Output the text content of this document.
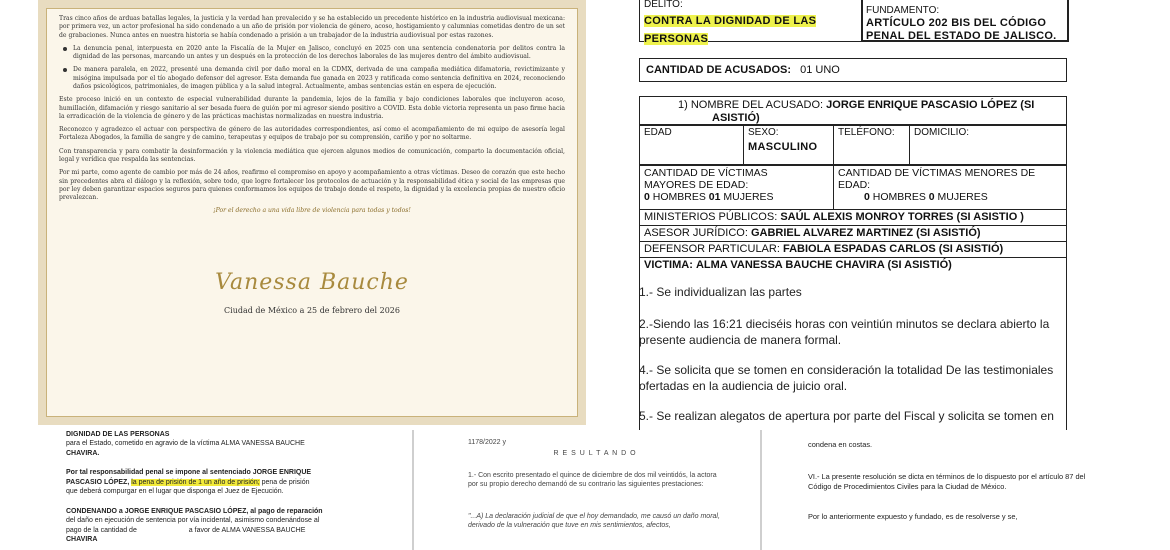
Tras cinco años de arduas batallas legales, la justicia y la verdad han prevalecido y se ha establecido un precedente histórico en la industria audiovisual mexicana: por primera vez, un actor profesional ha sido condenado a un año de prisión por violencia de género, acoso, hostigamiento y calumnias cometidas dentro de un set de grabaciones. Nunca antes en nuestra historia se había condenado a prisión a un trabajador de la industria audiovisual por estas razones.

La denuncia penal, interpuesta en 2020 ante la Fiscalía de la Mujer en Jalisco, concluyó en 2025 con una sentencia condenatoria por delitos contra la dignidad de las personas, marcando un antes y un después en la protección de los derechos laborales de las mujeres dentro del ámbito audiovisual.
De manera paralela, en 2022, presenté una demanda civil por daño moral en la CDMX, derivada de una campaña mediática difamatoria, revictimizante y misógina impulsada por el tío abogado defensor del agresor. Esta demanda fue ganada en 2023 y ratificada como sentencia definitiva en 2024, reconociendo daños psicológicos, patrimoniales, de imagen pública y a la salud integral. Actualmente, ambas sentencias están en espera de ejecución.

Este proceso inició en un contexto de especial vulnerabilidad durante la pandemia, lejos de la familia y bajo condiciones laborales que incluyeron acoso, humillación, difamación y riesgo sanitario al ser besada fuera de guión por mi agresor siendo positivo a COVID. Esta doble victoria representa un paso firme hacia la erradicación de la violencia de género y de las prácticas machistas normalizadas en nuestra industria.

Reconozco y agradezco el actuar con perspectiva de género de las autoridades correspondientes, así como el acompañamiento de mi equipo de asesoría legal Fortaleza Abogados, la familia de sangre y de camino, terapeutas y equipos de trabajo por su comprensión, cariño y por no soltarme.

Con transparencia y para combatir la desinformación y la violencia mediática que ejercen algunos medios de comunicación, comparto la documentación oficial, legal y verídica que respalda las sentencias.

Por mi parte, como agente de cambio por más de 24 años, reafirmo el compromiso en apoyo y acompañamiento a otras víctimas. Deseo de corazón que este hecho sin precedentes abra el diálogo y la reflexión, sobre todo, que logre fortalecer los protocolos de actuación y la responsabilidad ética y social de las empresas que por ley deben garantizar espacios seguros para quienes conformamos los equipos de trabajo donde el respeto, la dignidad y la excelencia propias de nuestro oficio prevalezcan.

¡Por el derecho a una vida libre de violencia para todas y todos!
Vanessa Bauche
Ciudad de México a 25 de febrero del 2026
DELITO:
CONTRA LA DIGNIDAD DE LAS
PERSONAS
FUNDAMENTO:
ARTÍCULO 202 BIS DEL CÓDIGO
PENAL DEL ESTADO DE JALISCO.
CANTIDAD DE ACUSADOS: 01 UNO
1) NOMBRE DEL ACUSADO: JORGE ENRIQUE PASCASIO LÓPEZ (SI
ASISTIÓ)
EDAD	SEXO:
MASCULINO
TELÉFONO: DOMICILIO:
CANTIDAD DE VÍCTIMAS
MAYORES DE EDAD:
0 HOMBRES 01 MUJERES
CANTIDAD DE VÍCTIMAS MENORES DE
EDAD:
0 HOMBRES 0 MUJERES
MINISTERIOS PÚBLICOS: SAÚL ALEXIS MONROY TORRES (SI ASISTIO )
ASESOR JURÍDICO: GABRIEL ALVAREZ MARTINEZ (SI ASISTIÓ)
DEFENSOR PARTICULAR: FABIOLA ESPADAS CARLOS (SI ASISTIÓ)
VICTIMA: ALMA VANESSA BAUCHE CHAVIRA (SI ASISTIÓ)
1.- Se individualizan las partes
2.-Siendo las 16:21 dieciséis horas con veintiún minutos se declara abierto la
presente audiencia de manera formal.
4.- Se solicita que se tomen en consideración la totalidad De las testimoniales
ofertadas en la audiencia de juicio oral.
5.- Se realizan alegatos de apertura por parte del Fiscal y solicita se tomen en
DIGNIDAD DE LAS PERSONAS
para el Estado, cometido en agravio de la víctima ALMA VANESSA BAUCHE
CHAVIRA.
Por tal responsabilidad penal se impone al sentenciado JORGE ENRIQUE
PASCASIO LÓPEZ, la pena de prisión de 1 un año de prisión; pena de prisión
que deberá compurgar en el lugar que disponga el Juez de Ejecución.
CONDENANDO a JORGE ENRIQUE PASCASIO LÓPEZ, al pago de reparación
del daño en ejecución de sentencia por vía incidental, asimismo condenándose al
pago de la cantidad de	a favor de ALMA VANESSA BAUCHE
CHAVIRA
1178/2022 y
R E S U L T A N D O
1.- Con escrito presentado el quince de diciembre de dos mil veintidós, la actora por su propio derecho demandó de su contrario las siguientes prestaciones:
"...A) La declaración judicial de que el hoy demandado, me causó un daño moral, derivado de la vulneración que tuve en mis sentimientos, afectos,
condena en costas.
VI.- La presente resolución se dicta en términos de lo dispuesto por el artículo 87 del Código de Procedimientos Civiles para la Ciudad de México.
Por lo anteriormente expuesto y fundado, es de resolverse y se,
